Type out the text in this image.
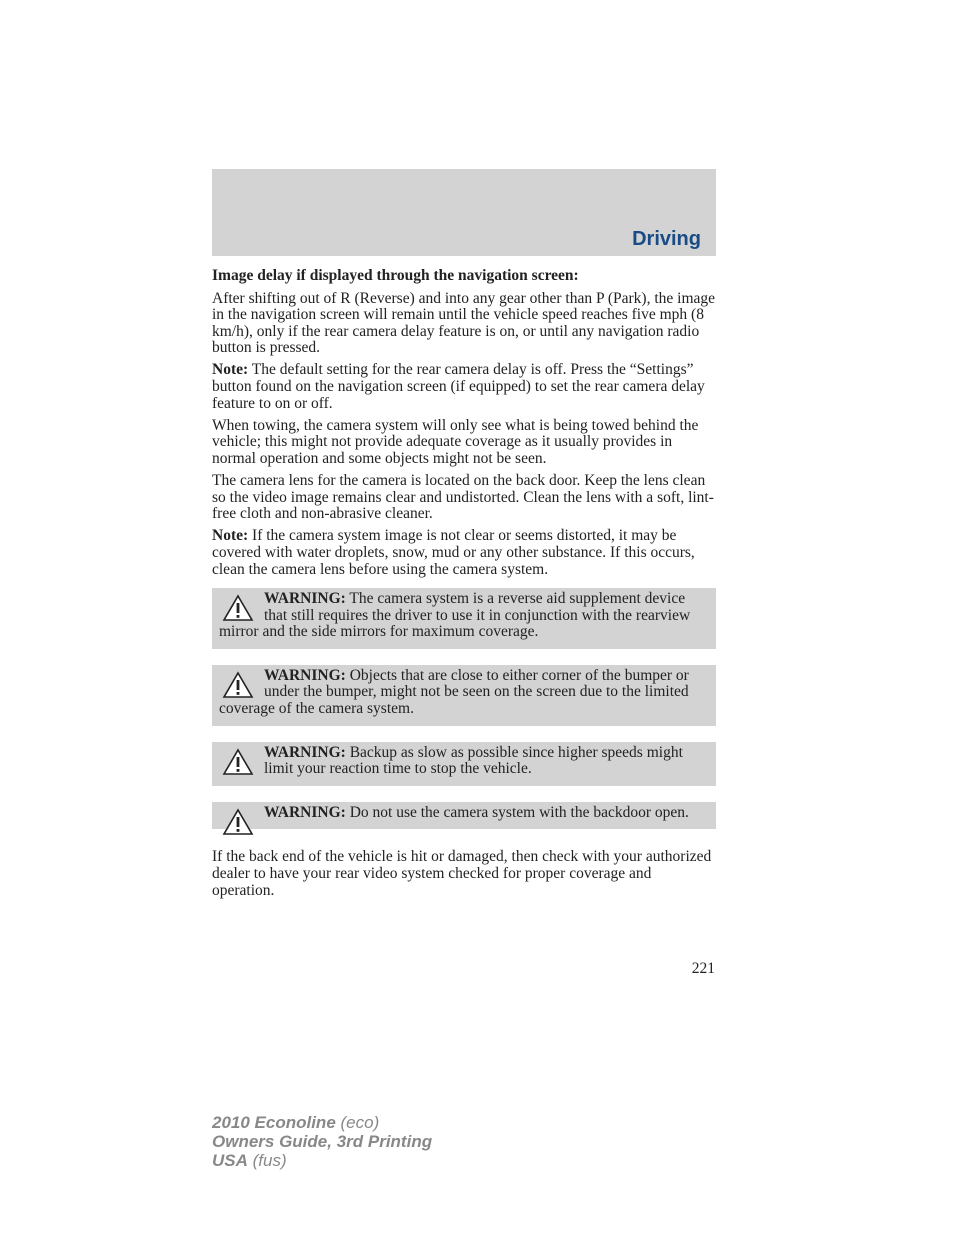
Driving

Image delay if displayed through the navigation screen:

After shifting out of R (Reverse) and into any gear other than P (Park), the image in the navigation screen will remain until the vehicle speed reaches five mph (8 km/h), only if the rear camera delay feature is on, or until any navigation radio button is pressed.

Note: The default setting for the rear camera delay is off. Press the “Settings” button found on the navigation screen (if equipped) to set the rear camera delay feature to on or off.

When towing, the camera system will only see what is being towed behind the vehicle; this might not provide adequate coverage as it usually provides in normal operation and some objects might not be seen.

The camera lens for the camera is located on the back door. Keep the lens clean so the video image remains clear and undistorted. Clean the lens with a soft, lint-free cloth and non-abrasive cleaner.

Note: If the camera system image is not clear or seems distorted, it may be covered with water droplets, snow, mud or any other substance. If this occurs, clean the camera lens before using the camera system.

WARNING: The camera system is a reverse aid supplement device that still requires the driver to use it in conjunction with the rearview mirror and the side mirrors for maximum coverage.
WARNING: Objects that are close to either corner of the bumper or under the bumper, might not be seen on the screen due to the limited coverage of the camera system.
WARNING: Backup as slow as possible since higher speeds might limit your reaction time to stop the vehicle.
WARNING: Do not use the camera system with the backdoor open.

If the back end of the vehicle is hit or damaged, then check with your authorized dealer to have your rear video system checked for proper coverage and operation.

221
2010 Econoline (eco)
Owners Guide, 3rd Printing
USA (fus)
